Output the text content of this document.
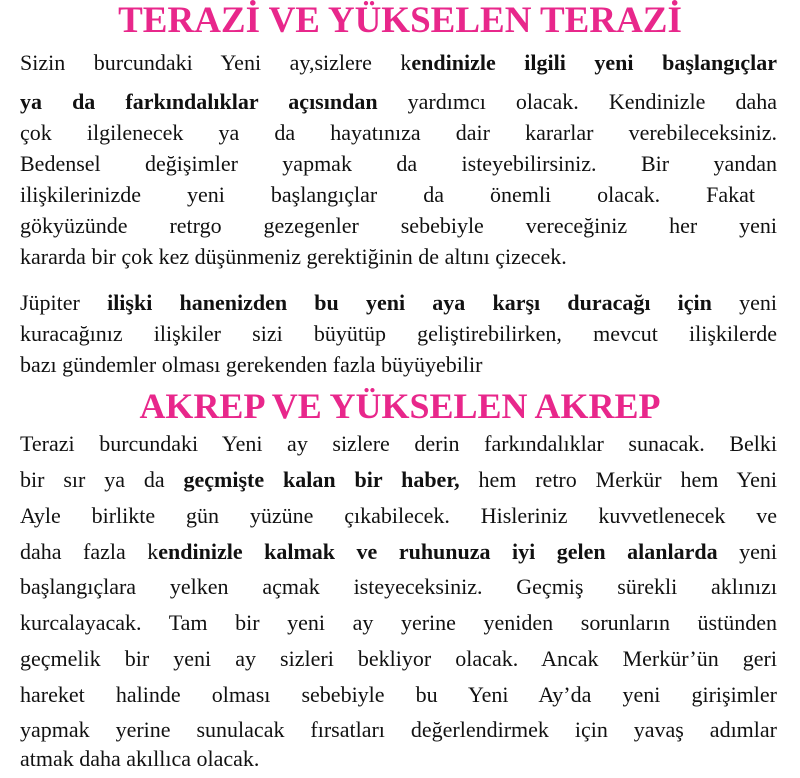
TERAZİ VE YÜKSELEN TERAZİ
Sizin burcundaki Yeni ay,sizlere kendinizle ilgili yeni başlangıçlar
ya da farkındalıklar açısından yardımcı olacak. Kendinizle daha
çok ilgilenecek ya da hayatınıza dair kararlar verebileceksiniz.
Bedensel değişimler yapmak da isteyebilirsiniz. Bir yandan
ilişkilerinizde yeni başlangıçlar da önemli olacak. Fakat
gökyüzünde retrgo gezegenler sebebiyle vereceğiniz her yeni
kararda bir çok kez düşünmeniz gerektiğinin de altını çizecek.
Jüpiter ilişki hanenizden bu yeni aya karşı duracağı için yeni
kuracağınız ilişkiler sizi büyütüp geliştirebilirken, mevcut ilişkilerde
bazı gündemler olması gerekenden fazla büyüyebilir
AKREP VE YÜKSELEN AKREP
Terazi burcundaki Yeni ay sizlere derin farkındalıklar sunacak. Belki
bir sır ya da geçmişte kalan bir haber, hem retro Merkür hem Yeni
Ayle birlikte gün yüzüne çıkabilecek. Hisleriniz kuvvetlenecek ve
daha fazla kendinizle kalmak ve ruhunuza iyi gelen alanlarda yeni
başlangıçlara yelken açmak isteyeceksiniz. Geçmiş sürekli aklınızı
kurcalayacak. Tam bir yeni ay yerine yeniden sorunların üstünden
geçmelik bir yeni ay sizleri bekliyor olacak. Ancak Merkür’ün geri
hareket halinde olması sebebiyle bu Yeni Ay’da yeni girişimler
yapmak yerine sunulacak fırsatları değerlendirmek için yavaş adımlar
atmak daha akıllıca olacak.
